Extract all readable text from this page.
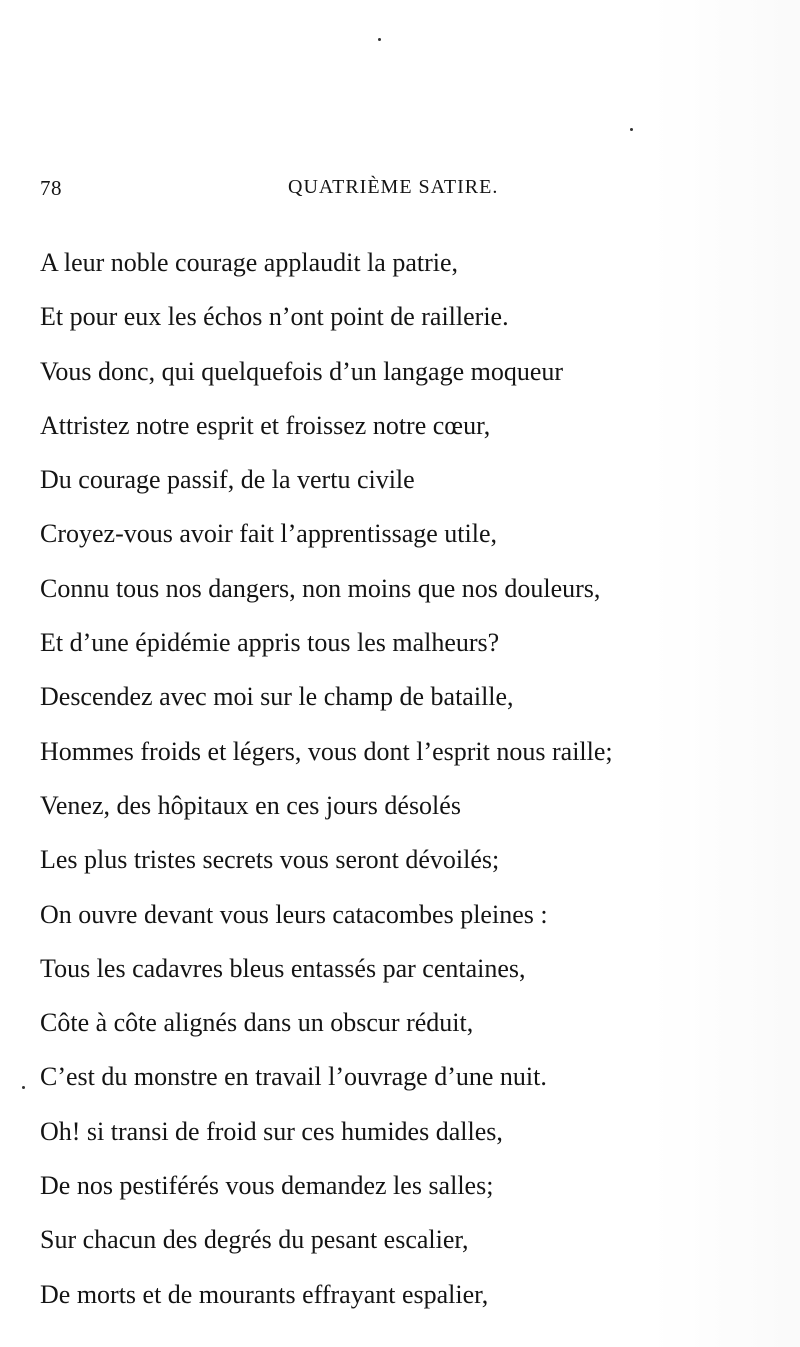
78	QUATRIÈME SATIRE.
A leur noble courage applaudit la patrie,
Et pour eux les échos n’ont point de raillerie.
Vous donc, qui quelquefois d’un langage moqueur
Attristez notre esprit et froissez notre cœur,
Du courage passif, de la vertu civile
Croyez-vous avoir fait l’apprentissage utile,
Connu tous nos dangers, non moins que nos douleurs,
Et d’une épidémie appris tous les malheurs?
Descendez avec moi sur le champ de bataille,
Hommes froids et légers, vous dont l’esprit nous raille;
Venez, des hôpitaux en ces jours désolés
Les plus tristes secrets vous seront dévoilés;
On ouvre devant vous leurs catacombes pleines :
Tous les cadavres bleus entassés par centaines,
Côte à côte alignés dans un obscur réduit,
C’est du monstre en travail l’ouvrage d’une nuit.
Oh! si transi de froid sur ces humides dalles,
De nos pestiférés vous demandez les salles;
Sur chacun des degrés du pesant escalier,
De morts et de mourants effrayant espalier,
